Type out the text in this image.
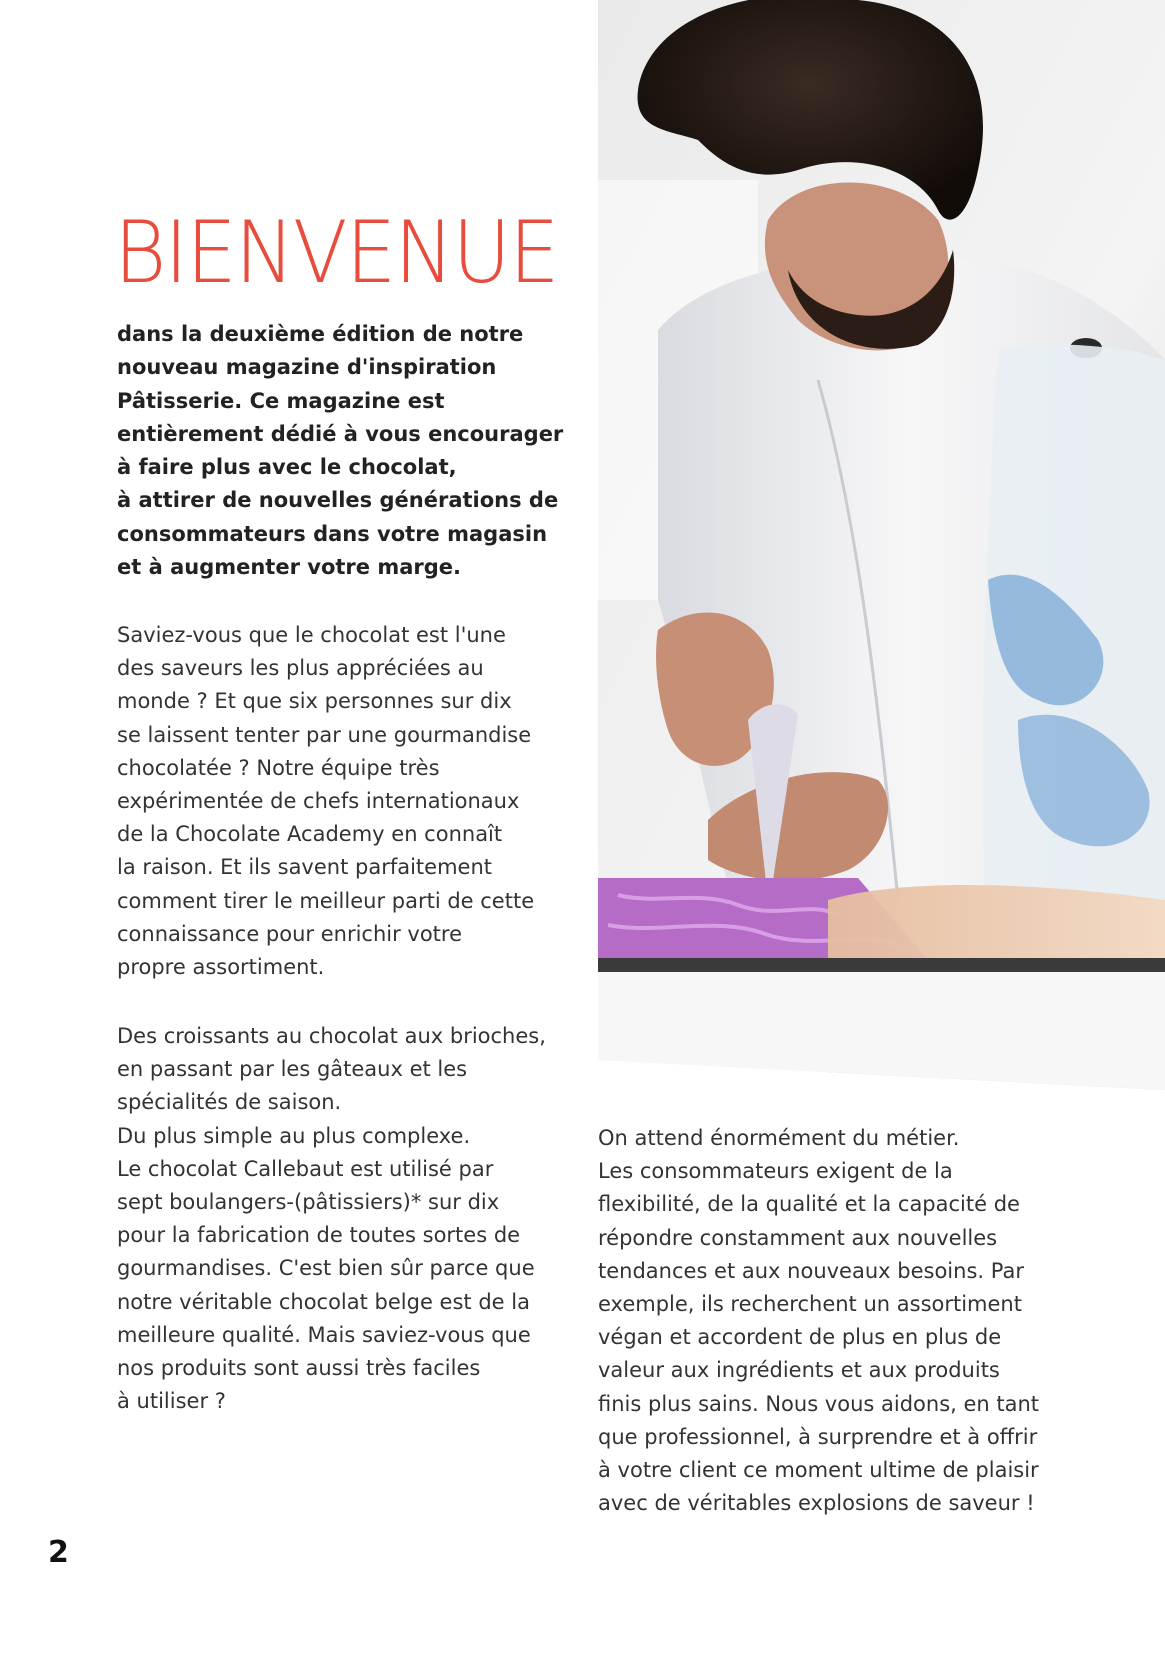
BIENVENUE

dans la deuxième édition de notre
nouveau magazine d'inspiration
Pâtisserie. Ce magazine est
entièrement dédié à vous encourager
à faire plus avec le chocolat,
à attirer de nouvelles générations de
consommateurs dans votre magasin
et à augmenter votre marge.

Saviez-vous que le chocolat est l'une
des saveurs les plus appréciées au
monde ? Et que six personnes sur dix
se laissent tenter par une gourmandise
chocolatée ? Notre équipe très
expérimentée de chefs internationaux
de la Chocolate Academy en connaît
la raison. Et ils savent parfaitement
comment tirer le meilleur parti de cette
connaissance pour enrichir votre
propre assortiment.

Des croissants au chocolat aux brioches,
en passant par les gâteaux et les
spécialités de saison.
Du plus simple au plus complexe.
Le chocolat Callebaut est utilisé par
sept boulangers-(pâtissiers)* sur dix
pour la fabrication de toutes sortes de
gourmandises. C'est bien sûr parce que
notre véritable chocolat belge est de la
meilleure qualité. Mais saviez-vous que
nos produits sont aussi très faciles
à utiliser ?

On attend énormément du métier.
Les consommateurs exigent de la
flexibilité, de la qualité et la capacité de
répondre constamment aux nouvelles
tendances et aux nouveaux besoins. Par
exemple, ils recherchent un assortiment
végan et accordent de plus en plus de
valeur aux ingrédients et aux produits
finis plus sains. Nous vous aidons, en tant
que professionnel, à surprendre et à offrir
à votre client ce moment ultime de plaisir
avec de véritables explosions de saveur !

2
